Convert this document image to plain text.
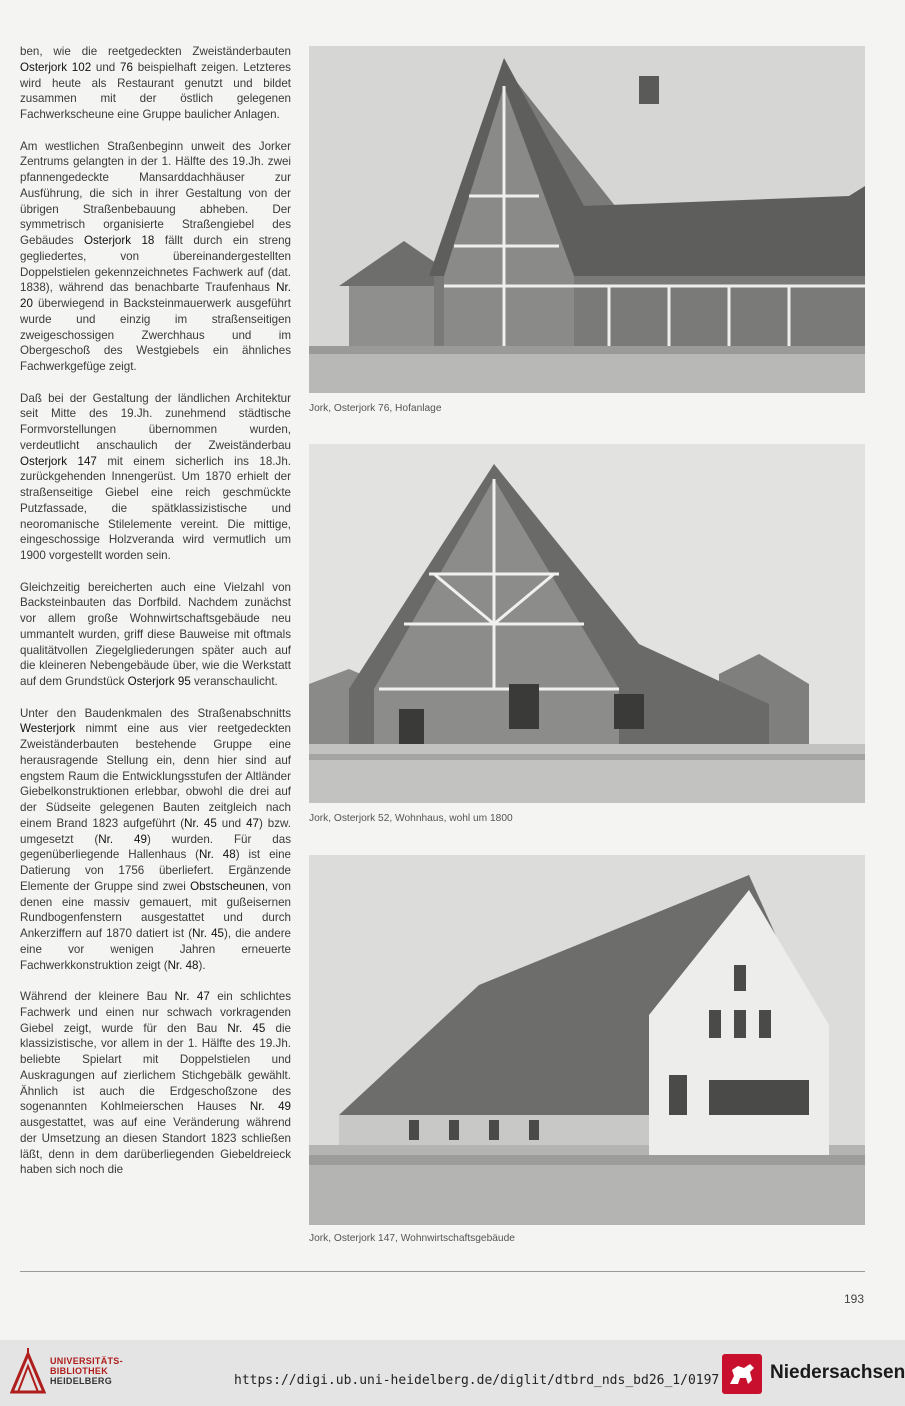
ben, wie die reetgedeckten Zweiständerbauten Osterjork 102 und 76 beispielhaft zeigen. Letzteres wird heute als Restaurant genutzt und bildet zusammen mit der östlich gelegenen Fachwerkscheune eine Gruppe baulicher Anlagen.

Am westlichen Straßenbeginn unweit des Jorker Zentrums gelangten in der 1. Hälfte des 19.Jh. zwei pfannengedeckte Mansarddachhäuser zur Ausführung, die sich in ihrer Gestaltung von der übrigen Straßenbebauung abheben. Der symmetrisch organisierte Straßengiebel des Gebäudes Osterjork 18 fällt durch ein streng gegliedertes, von übereinandergestellten Doppelstielen gekennzeichnetes Fachwerk auf (dat. 1838), während das benachbarte Traufenhaus Nr. 20 überwiegend in Backsteinmauerwerk ausgeführt wurde und einzig im straßenseitigen zweigeschossigen Zwerchhaus und im Obergeschoß des Westgiebels ein ähnliches Fachwerkgefüge zeigt.

Daß bei der Gestaltung der ländlichen Architektur seit Mitte des 19.Jh. zunehmend städtische Formvorstellungen übernommen wurden, verdeutlicht anschaulich der Zweiständerbau Osterjork 147 mit einem sicherlich ins 18.Jh. zurückgehenden Innengerüst. Um 1870 erhielt der straßenseitige Giebel eine reich geschmückte Putzfassade, die spätklassizistische und neoromanische Stilelemente vereint. Die mittige, eingeschossige Holzveranda wird vermutlich um 1900 vorgestellt worden sein.

Gleichzeitig bereicherten auch eine Vielzahl von Backsteinbauten das Dorfbild. Nachdem zunächst vor allem große Wohnwirtschaftsgebäude neu ummantelt wurden, griff diese Bauweise mit oftmals qualitätvollen Ziegelgliederungen später auch auf die kleineren Nebengebäude über, wie die Werkstatt auf dem Grundstück Osterjork 95 veranschaulicht.

Unter den Baudenkmalen des Straßenabschnitts Westerjork nimmt eine aus vier reetgedeckten Zweiständerbauten bestehende Gruppe eine herausragende Stellung ein, denn hier sind auf engstem Raum die Entwicklungsstufen der Altländer Giebelkonstruktionen erlebbar, obwohl die drei auf der Südseite gelegenen Bauten zeitgleich nach einem Brand 1823 aufgeführt (Nr. 45 und 47) bzw. umgesetzt (Nr. 49) wurden. Für das gegenüberliegende Hallenhaus (Nr. 48) ist eine Datierung von 1756 überliefert. Ergänzende Elemente der Gruppe sind zwei Obstscheunen, von denen eine massiv gemauert, mit gußeisernen Rundbogenfenstern ausgestattet und durch Ankerziffern auf 1870 datiert ist (Nr. 45), die andere eine vor wenigen Jahren erneuerte Fachwerkkonstruktion zeigt (Nr. 48).

Während der kleinere Bau Nr. 47 ein schlichtes Fachwerk und einen nur schwach vorkragenden Giebel zeigt, wurde für den Bau Nr. 45 die klassizistische, vor allem in der 1. Hälfte des 19.Jh. beliebte Spielart mit Doppelstielen und Auskragungen auf zierlichem Stichgebälk gewählt. Ähnlich ist auch die Erdgeschoßzone des sogenannten Kohlmeierschen Hauses Nr. 49 ausgestattet, was auf eine Veränderung während der Umsetzung an diesen Standort 1823 schließen läßt, denn in dem darüberliegenden Giebeldreieck haben sich noch die

Jork, Osterjork 76, Hofanlage
Jork, Osterjork 52, Wohnhaus, wohl um 1800
Jork, Osterjork 147, Wohnwirtschaftsgebäude
193
UNIVERSITÄTS-
BIBLIOTHEK
HEIDELBERG	https://digi.ub.uni-heidelberg.de/diglit/dtbrd_nds_bd26_1/0197	Niedersachsen
